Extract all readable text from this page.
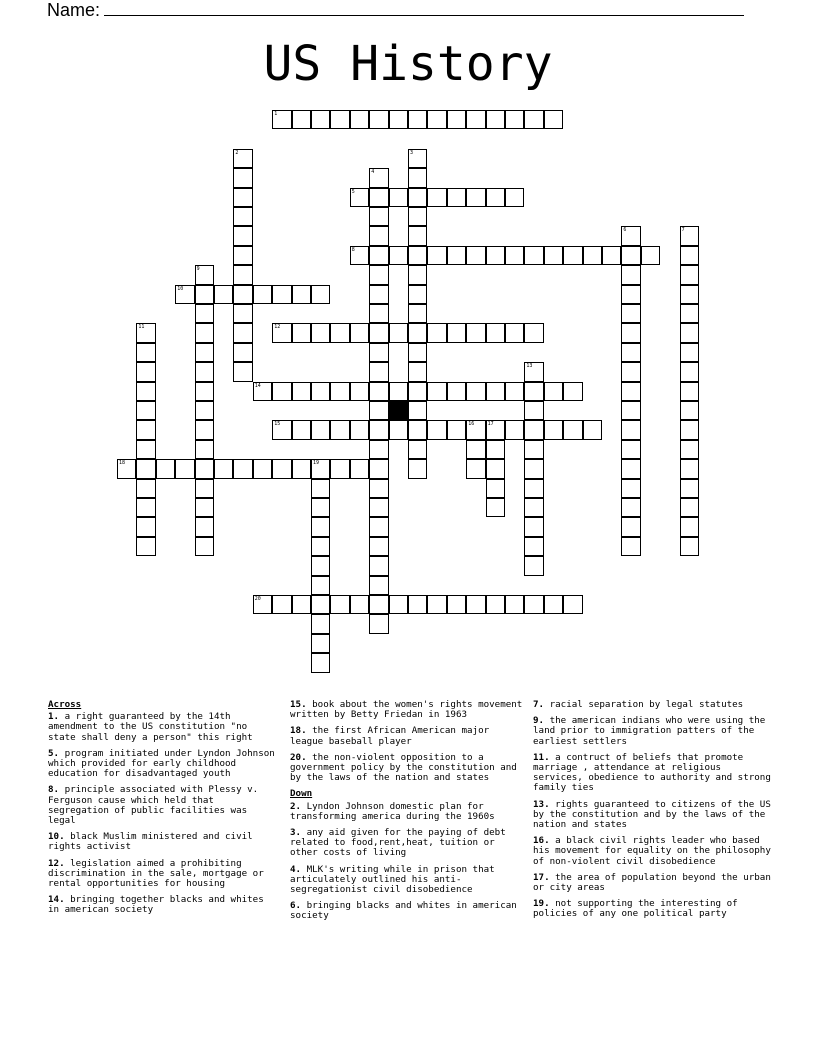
Name:
US History
1
2	3
4
5
6	7
8
9
10
11	12
13
14
15	16	17
18	19
20
Across
1. a right guaranteed by the 14th amendment to the US constitution "no state shall deny a person" this right
5. program initiated under Lyndon Johnson which provided for early childhood education for disadvantaged youth
8. principle associated with Plessy v. Ferguson cause which held that segregation of public facilities was legal
10. black Muslim ministered and civil rights activist
12. legislation aimed a prohibiting discrimination in the sale, mortgage or rental opportunities for housing
14. bringing together blacks and whites in american society
15. book about the women's rights movement written by Betty Friedan in 1963
18. the first African American major league baseball player
20. the non-violent opposition to a government policy by the constitution and by the laws of the nation and states
Down
2. Lyndon Johnson domestic plan for transforming america during the 1960s
3. any aid given for the paying of debt related to food,rent,heat, tuition or other costs of living
4. MLK's writing while in prison that articulately outlined his anti-segregationist civil disobedience
6. bringing blacks and whites in american society
7. racial separation by legal statutes
9. the american indians who were using the land prior to immigration patters of the earliest settlers
11. a contruct of beliefs that promote marriage , attendance at religious services, obedience to authority and strong family ties
13. rights guaranteed to citizens of the US by the constitution and by the laws of the nation and states
16. a black civil rights leader who based his movement for equality on the philosophy of non-violent civil disobedience
17. the area of population beyond the urban or city areas
19. not supporting the interesting of policies of any one political party
